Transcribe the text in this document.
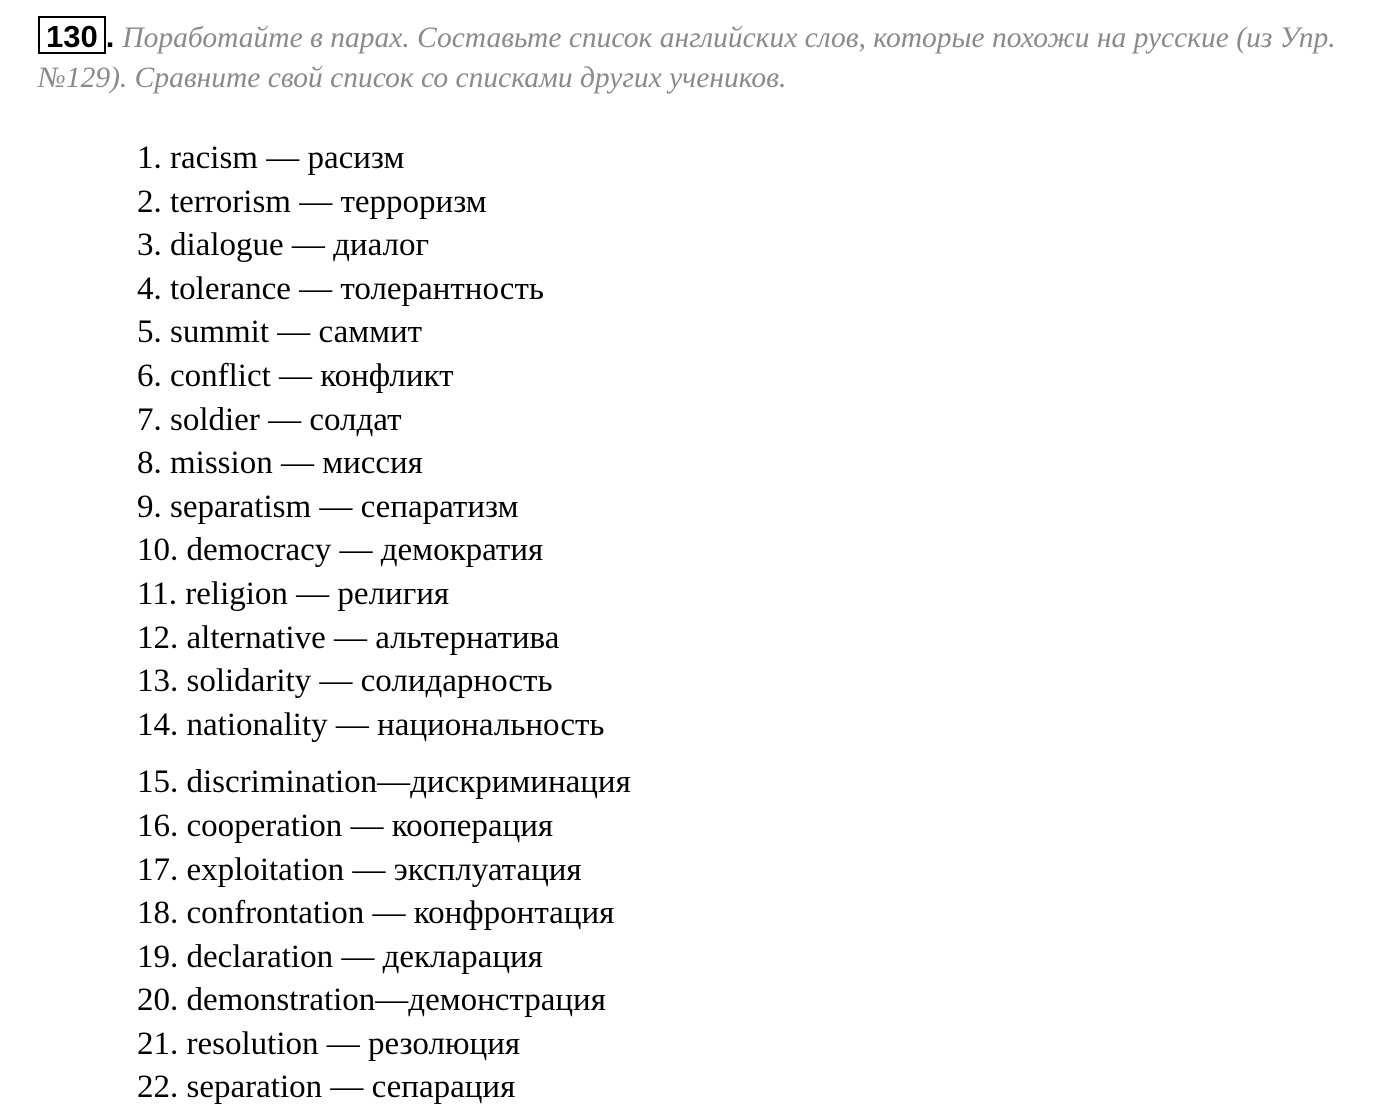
130 . Поработайте в парах. Составьте список английских слов, которые похожи на русские (из Упр.№129). Сравните свой список со списками других учеников.
1. racism — расизм
2. terrorism — терроризм
3. dialogue — диалог
4. tolerance — толерантность
5. summit — саммит
6. conflict — конфликт
7. soldier — солдат
8. mission — миссия
9. separatism — сепаратизм
10. democracy — демократия
11. religion — религия
12. alternative — альтернатива
13. solidarity — солидарность
14. nationality — национальность
15. discrimination—дискриминация
16. cooperation — кооперация
17. exploitation — эксплуатация
18. confrontation — конфронтация
19. declaration — декларация
20. demonstration—демонстрация
21. resolution — резолюция
22. separation — сепарация
